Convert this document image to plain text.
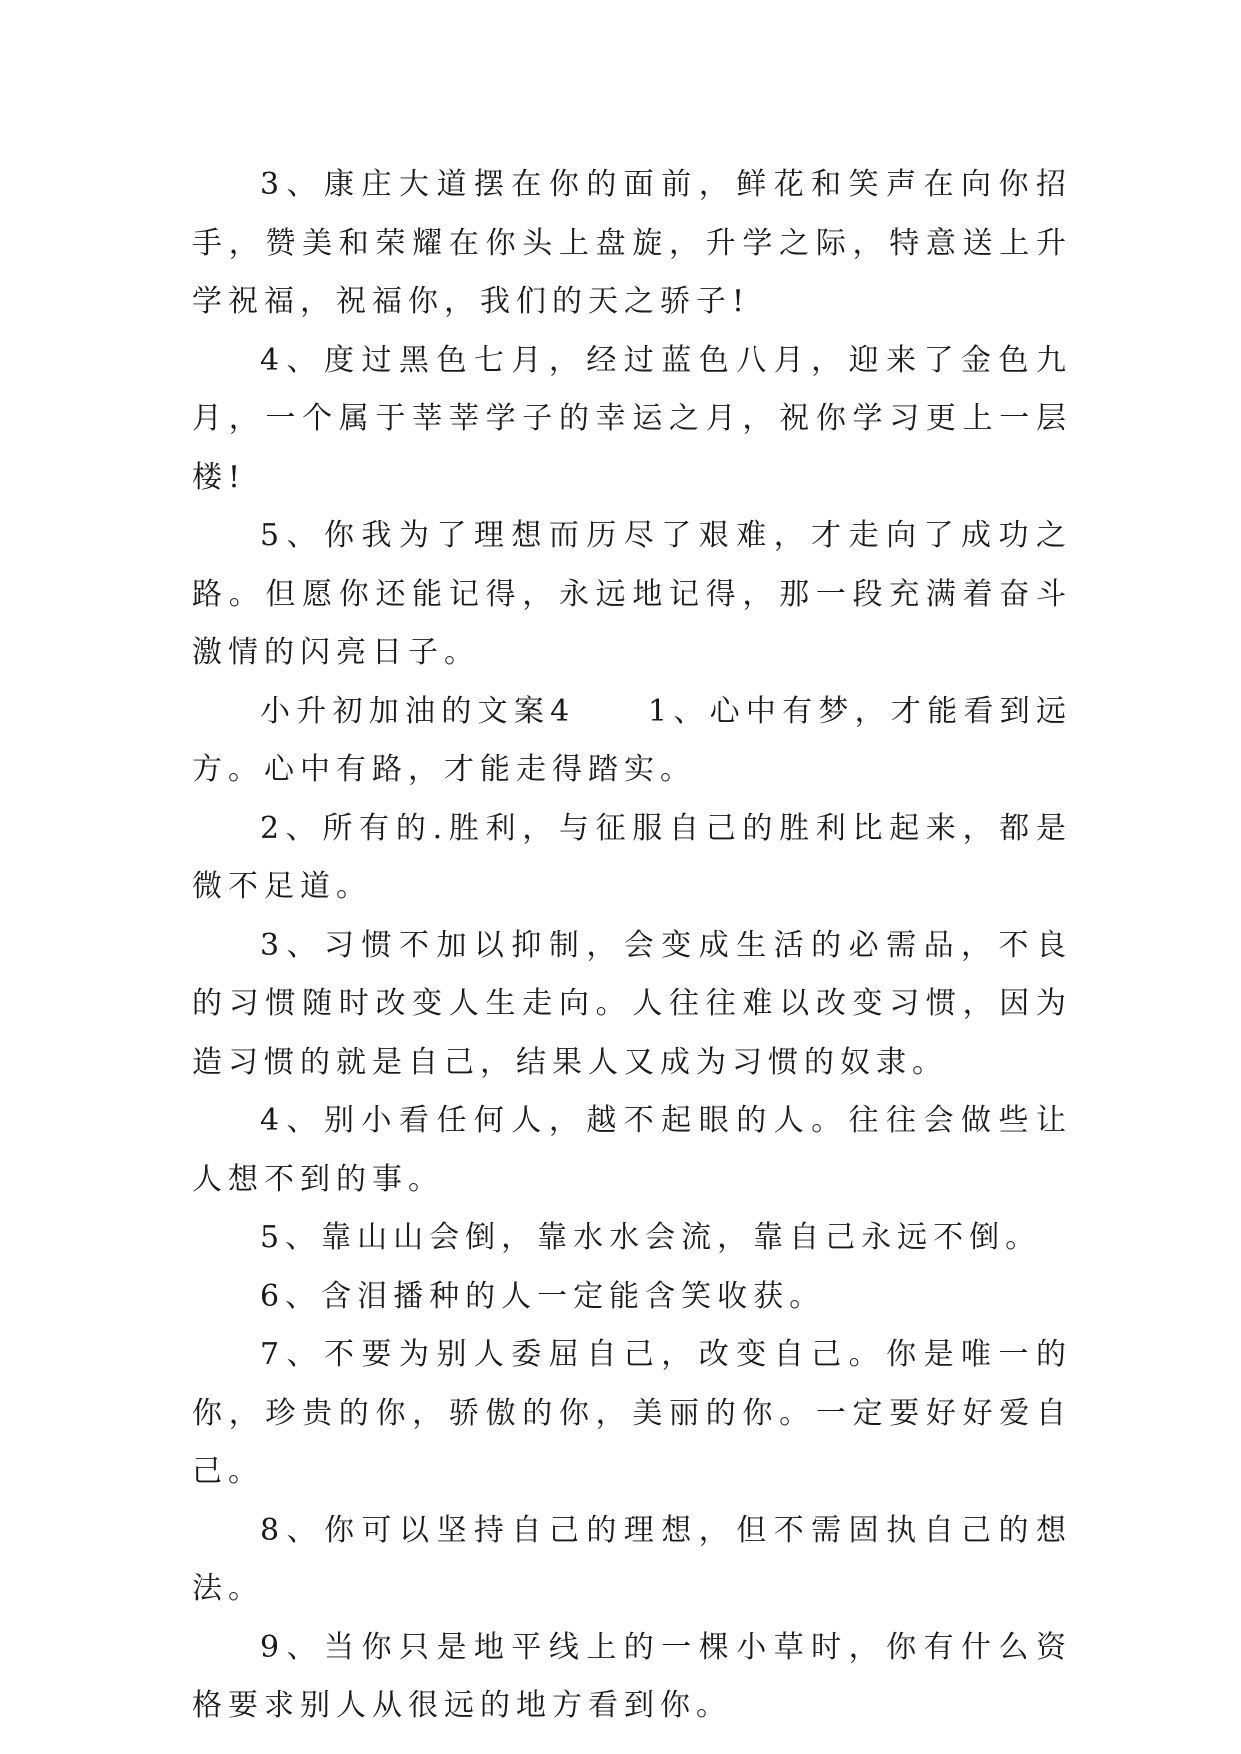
3、康庄大道摆在你的面前，鲜花和笑声在向你招手，赞美和荣耀在你头上盘旋，升学之际，特意送上升学祝福，祝福你，我们的天之骄子!

4、度过黑色七月，经过蓝色八月，迎来了金色九月，一个属于莘莘学子的幸运之月，祝你学习更上一层楼!

5、你我为了理想而历尽了艰难，才走向了成功之路。但愿你还能记得，永远地记得，那一段充满着奋斗激情的闪亮日子。

小升初加油的文案4　　1、心中有梦，才能看到远方。心中有路，才能走得踏实。

2、所有的.胜利，与征服自己的胜利比起来，都是微不足道。

3、习惯不加以抑制，会变成生活的必需品，不良的习惯随时改变人生走向。人往往难以改变习惯，因为造习惯的就是自己，结果人又成为习惯的奴隶。

4、别小看任何人，越不起眼的人。往往会做些让人想不到的事。

5、靠山山会倒，靠水水会流，靠自己永远不倒。

6、含泪播种的人一定能含笑收获。

7、不要为别人委屈自己，改变自己。你是唯一的你，珍贵的你，骄傲的你，美丽的你。一定要好好爱自己。

8、你可以坚持自己的理想，但不需固执自己的想法。

9、当你只是地平线上的一棵小草时，你有什么资格要求别人从很远的地方看到你。
